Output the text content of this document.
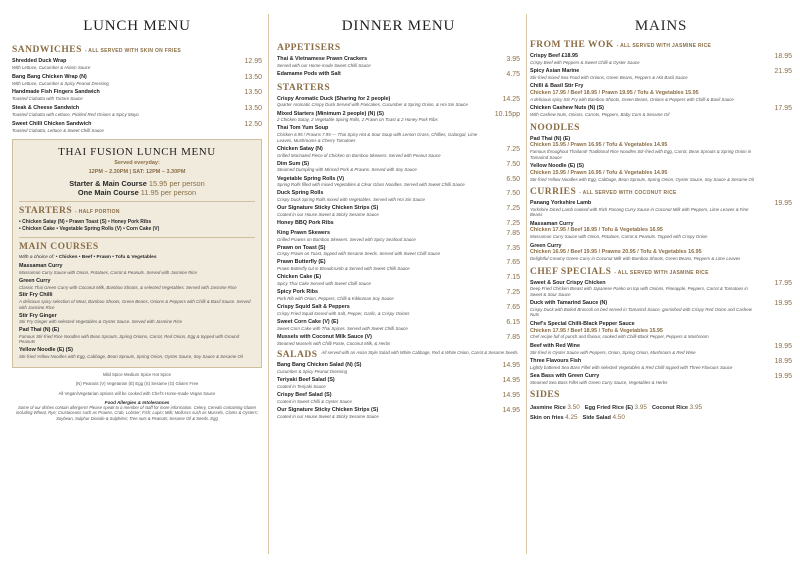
LUNCH MENU
SANDWICHES - ALL SERVED WITH SKIN ON FRIES
Shredded Duck Wrap
With Lettuce, Cucumber & Hoisin Sauce
12.95
Bang Bang Chicken Wrap (N)
With Lettuce, Cucumber & Spicy Peanut Dressing
13.50
Handmade Fish Fingers Sandwich
Toasted Ciabatta with Tartare Sauce
13.50
Steak & Cheese Sandwich
Toasted Ciabatta with Lettuce, Pickled Red Onions & Spicy Mayo
13.50
Sweet Chilli Chicken Sandwich
Toasted Ciabatta, Lettuce & Sweet Chilli Sauce
12.50
THAI FUSION LUNCH MENU
Served everyday:
12PM – 2.30PM | SAT: 12PM – 3.30PM
Starter & Main Course 15.95 per person
One Main Course 11.95 per person
STARTERS - HALF PORTION
• Chicken Satay (N) • Prawn Toast (S) • Honey Pork Ribs
• Chicken Cake • Vegetable Spring Rolls (V) • Corn Cake (V)
MAIN COURSES
With a choice of: • Chicken • Beef • Prawn • Tofu & Vegetables
Massaman Curry
Massaman Curry Sauce with Onion, Potatoes, Carrot & Peanuts. Served with Jasmine Rice
Green Curry
Classic Thai Green Curry with Coconut Milk, Bamboo Shoots, & selected Vegetables. Served with Jasmine Rice
Stir Fry Chilli
A delicious spicy selection of Meat, Bamboo Shoots, Green Beans, Onions & Peppers with Chilli & Basil Sauce. Served with Jasmine Rice
Stir Fry Ginger
Stir Fry Ginger with selected Vegetables & Oyster Sauce. Served with Jasmine Rice
Pad Thai (N) (E)
Famous Stir-fried Rice Noodles with Bean Sprouts, Spring Onions, Carrot, Red Onion, Egg & topped with Ground Peanuts
Yellow Noodle (E) (S)
Stir-fried Yellow Noodles with Egg, Cabbage, Bean Sprouts, Spring Onion, Oyster Sauce, Soy Sauce & Sesame Oil
Mild Spice Medium Spice Hot Spice
(N) Peanuts (V) Vegetarian (E) Egg (S) Sesame (G) Gluten Free
All Vegan/Vegetarian options will be cooked with Chef's Home-made Vegan Sauce
Food Allergies & Intolerances
Some of our dishes contain allergens! Please speak to a member of staff for more information. Celery, Cereals containing Gluten including Wheat, Rye; Crustaceans such as Prawns, Crab, Lobster; Fish; Lupin; Milk; Molluscs such as Mussels, Clams & Oysters; Soybean, Sulphur Dioxide & Sulphites; Tree nuts & Peanuts; Sesame Oil & Seeds. Egg
DINNER MENU
APPETISERS
Thai & Vietnamese Prawn Crackers
Served with our Home-made Sweet Chilli Sauce
3.95
Edamame Pods with Salt	4.75
STARTERS
Crispy Aromatic Duck (Sharing for 2 people)
Quarter Aromatic Crispy Duck Served with Pancakes, Cucumber & Spring Onion, & Hoi Sin Sauce
14.25
Mixed Starters (Minimum 2 people) (N) (S)
2 Chicken Satay, 2 Vegetable Spring Rolls, 2 Prawn on Toast & 2 Honey Pork Ribs
10.15pp
Thai Tom Yum Soup
Chicken 6.95 / Prawns 7.95 — Thai Spicy Hot & Sour Soup with Lemon Grass, Chillies, Galangal, Lime Leaves, Mushrooms & Cherry Tomatoes
Chicken Satay (N)
Grilled Marinated Piece of Chicken on Bamboo Skewers. Served with Peanut Sauce
7.25
Dim Sum (S)
Steamed Dumpling with Minced Pork & Prawns. Served with Soy Sauce
7.50
Vegetable Spring Rolls (V)
Spring Rolls filled with mixed Vegetables & Clear Glass Noodles. Served with Sweet Chilli Sauce
6.50
Duck Spring Rolls
Crispy Duck Spring Rolls mixed with Vegetables. Served with Hoi Sin Sauce
7.50
Our Signature Sticky Chicken Strips (S)
Coated in our House Sweet & Sticky Sesame Sauce
7.25
Honey BBQ Pork Ribs	7.25
King Prawn Skewers
Grilled Prawns on Bamboo Skewers. Served with Spicy Seafood Sauce
7.85
Prawn on Toast (S)
Crispy Prawn on Toast, topped with Sesame Seeds. Served with Sweet Chilli Sauce
7.35
Prawn Butterfly (E)
Prawn Butterfly cut in Breadcrumb & Served with Sweet Chilli Sauce
7.65
Chicken Cake (E)
Spicy Thai Cake Served with Sweet Chilli Sauce
7.15
Spicy Pork Ribs
Pork Rib with Onion, Peppers, Chilli & Kikkoman Soy Sauce
7.25
Crispy Squid Salt & Peppers
Crispy Fried Squid tossed with Salt, Pepper, Garlic, & Crispy Onions
7.65
Sweet Corn Cake (V) (E)
Sweet Corn Cake with Thai Spices. Served with Sweet Chilli Sauce
6.15
Mussels with Coconut Milk Sauce (V)
Steamed Mussels with Chilli Paste, Coconut Milk, & Herbs
7.85
SALADS All served with an Asian Style Salad with White Cabbage, Red & White Onion, Carrot & Sesame Seeds.
Bang Bang Chicken Salad (N) (S)
Cucumber & Spicy Peanut Dressing
14.95
Teriyaki Beef Salad (S)
Coated in Teriyaki Sauce
14.95
Crispy Beef Salad (S)
Coated in Sweet Chilli & Oyster Sauce
14.95
Our Signature Sticky Chicken Strips (S)
Coated in our House Sweet & Sticky Sesame Sauce
14.95
MAINS
FROM THE WOK - ALL SERVED WITH JASMINE RICE
Crispy Beef £18.95
Crispy Beef with Peppers & Sweet Chilli & Oyster Sauce
18.95
Spicy Asian Marine
Stir-fried mixed Sea Food with Onions, Green Beans, Peppers & Hot Basil Sauce
21.95
Chilli & Basil Stir Fry
Chicken 17.95 / Beef 18.95 / Prawn 19.95 / Tofu & Vegetables 15.95
A delicious spicy Stir Fry with Bamboo Shoots, Green Beans, Onions & Peppers with Chilli & Basil Sauce
Chicken Cashew Nuts (N) (S)
With Cashew Nuts, Onions, Carrots, Peppers, Baby Corn & Sesame Oil
17.95
NOODLES
Pad Thai (N) (E)
Chicken 15.95 / Prawn 16.95 / Tofu & Vegetables 14.95
Famous throughout Thailand! Traditional Rice Noodles Stir-fried with Egg, Carrot, Bean Sprouts & Spring Onion in Tamarind Sauce
Yellow Noodle (E) (S)
Chicken 15.95 / Prawn 16.95 / Tofu & Vegetables 14.95
Stir-fried Yellow Noodles with Egg, Cabbage, Bean Sprouts, Spring Onion, Oyster Sauce, Soy Sauce & Sesame Oil
CURRIES - ALL SERVED WITH COCONUT RICE
Panang Yorkshire Lamb
Yorkshire Diced Lamb cooked with Rich Panang Curry Sauce in Coconut Milk with Peppers, Lime Leaves & Fine Beans
19.95
Massaman Curry
Chicken 17.95 / Beef 18.95 / Tofu & Vegetables 16.95
Massaman Curry Sauce with Onion, Potatoes, Carrot & Peanuts. Topped with Crispy Onion
Green Curry
Chicken 16.95 / Beef 19.95 / Prawns 20.95 / Tofu & Vegetables 16.95
Delightful Creamy Green Curry in Coconut Milk with Bamboo Shoots, Green Beans, Peppers & Lime Leaves
CHEF SPECIALS - ALL SERVED WITH JASMINE RICE
Sweet & Sour Crispy Chicken
Deep Fried Chicken Breast with Japanese Panko on top with Onions, Pineapple, Peppers, Carrot & Tomatoes in Sweet & Sour Sauce
17.95
Duck with Tamarind Sauce (N)
Crispy Duck with Boiled Broccoli on bed served in Tamarind Sauce, garnished with Crispy Red Onion and Cashew Nuts
19.95
Chef's Special Chilli-Black Pepper Sauce
Chicken 17.95 / Beef 18.95 / Tofu & Vegetables 15.95
Chef recipe full of punch and flavour, cooked with Chilli-Black Pepper, Peppers & Mushroom
Beef with Red Wine
Stir-fried in Oyster Sauce with Peppers, Onion, Spring Onion, Mushroom & Red Wine
19.95
Three Flavours Fish
Lightly battered Sea Bass Fillet with selected Vegetables & Red Chilli topped with Three Flavours Sauce
18.95
Sea Bass with Green Curry
Steamed Sea Bass Fillet with Green Curry Sauce, Vegetables & Herbs
19.95
SIDES
Jasmine Rice 3.50 Egg Fried Rice (E) 3.95 Coconut Rice 3.95
Skin on fries 4.25 Side Salad 4.50
